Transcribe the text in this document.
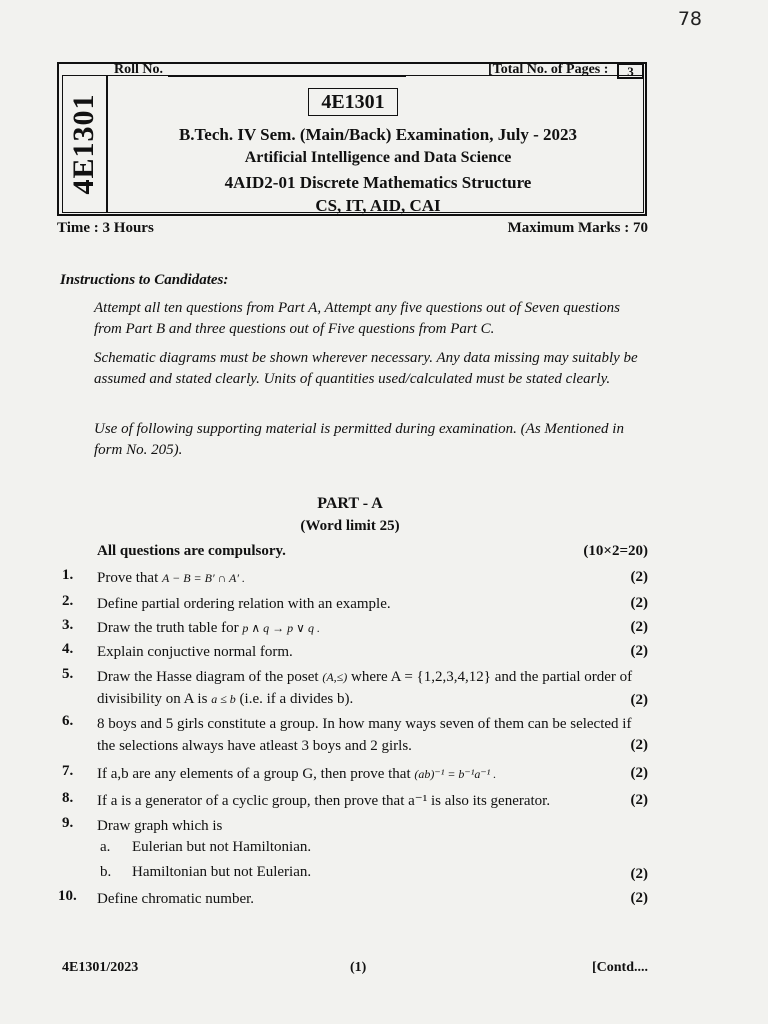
78
4E1301
Roll No.	[Total No. of Pages :	3
4E1301
B.Tech. IV Sem. (Main/Back) Examination, July - 2023
Artificial Intelligence and Data Science
4AID2-01 Discrete Mathematics Structure
CS, IT, AID, CAI
Time : 3 Hours	Maximum Marks : 70
Instructions to Candidates:
Attempt all ten questions from Part A, Attempt any five questions out of Seven questions from Part B and three questions out of Five questions from Part C.
Schematic diagrams must be shown wherever necessary. Any data missing may suitably be assumed and stated clearly. Units of quantities used/calculated must be stated clearly.
Use of following supporting material is permitted during examination. (As Mentioned in form No. 205).
PART - A
(Word limit 25)
All questions are compulsory.	(10×2=20)
1.	Prove that A − B = B′ ∩ A′ .	(2)
2.	Define partial ordering relation with an example.	(2)
3.	Draw the truth table for p ∧ q → p ∨ q .	(2)
4.	Explain conjuctive normal form.	(2)
5.	Draw the Hasse diagram of the poset (A,≤) where A = {1,2,3,4,12} and the partial order of divisibility on A is a ≤ b (i.e. if a divides b).	(2)
6.	8 boys and 5 girls constitute a group. In how many ways seven of them can be selected if the selections always have atleast 3 boys and 2 girls.	(2)
7.	If a,b are any elements of a group G, then prove that (ab)⁻¹ = b⁻¹a⁻¹ .	(2)
8.	If a is a generator of a cyclic group, then prove that a⁻¹ is also its generator.	(2)
9.	Draw graph which is
a. Eulerian but not Hamiltonian.
b. Hamiltonian but not Eulerian.	(2)
10.	Define chromatic number.	(2)
4E1301/2023	(1)	[Contd....
